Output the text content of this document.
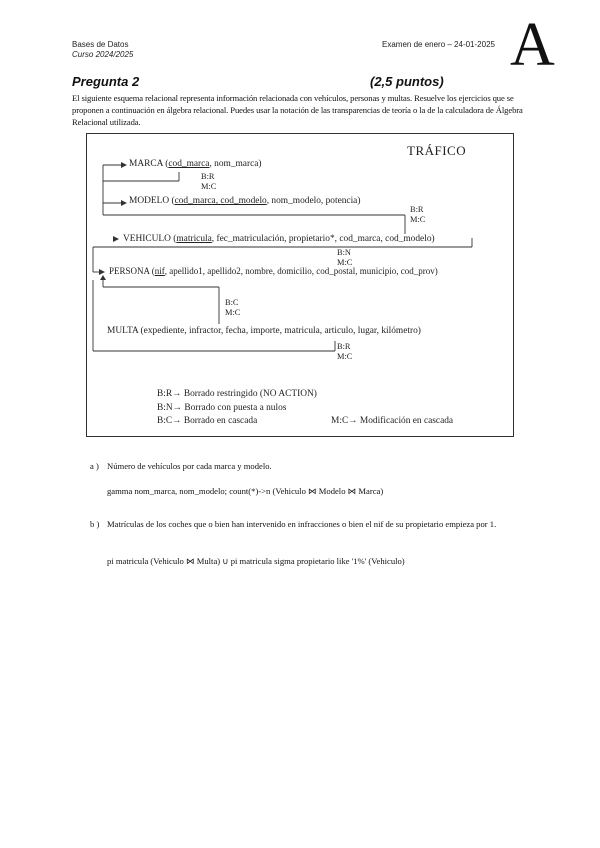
Bases de Datos
Curso 2024/2025
Examen de enero – 24-01-2025 A
Pregunta 2	(2,5 puntos)
El siguiente esquema relacional representa información relacionada con vehículos, personas y multas. Resuelve los ejercicios que se proponen a continuación en álgebra relacional. Puedes usar la notación de las transparencias de teoría o la de la calculadora de Álgebra Relacional utilizada.
TRÁFICO
MARCA (cod_marca, nom_marca)
B:R
M:C
MODELO (cod_marca, cod_modelo, nom_modelo, potencia)
B:R
M:C
VEHICULO (matricula, fec_matriculación, propietario*, cod_marca, cod_modelo)
B:N
M:C
PERSONA (nif, apellido1, apellido2, nombre, domicilio, cod_postal, municipio, cod_prov)
B:C
M:C
MULTA (expediente, infractor, fecha, importe, matricula, articulo, lugar, kilómetro)
B:R
M:C
B:R→ Borrado restringido (NO ACTION)
B:N→ Borrado con puesta a nulos
B:C→ Borrado en cascada	M:C→ Modificación en cascada
a ) Número de vehículos por cada marca y modelo.
gamma nom_marca, nom_modelo; count(*)->n (Vehiculo ⋈ Modelo ⋈ Marca)
b ) Matrículas de los coches que o bien han intervenido en infracciones o bien el nif de su propietario empieza por 1.
pi matricula (Vehiculo ⋈ Multa) ∪ pi matricula sigma propietario like '1%' (Vehiculo)
